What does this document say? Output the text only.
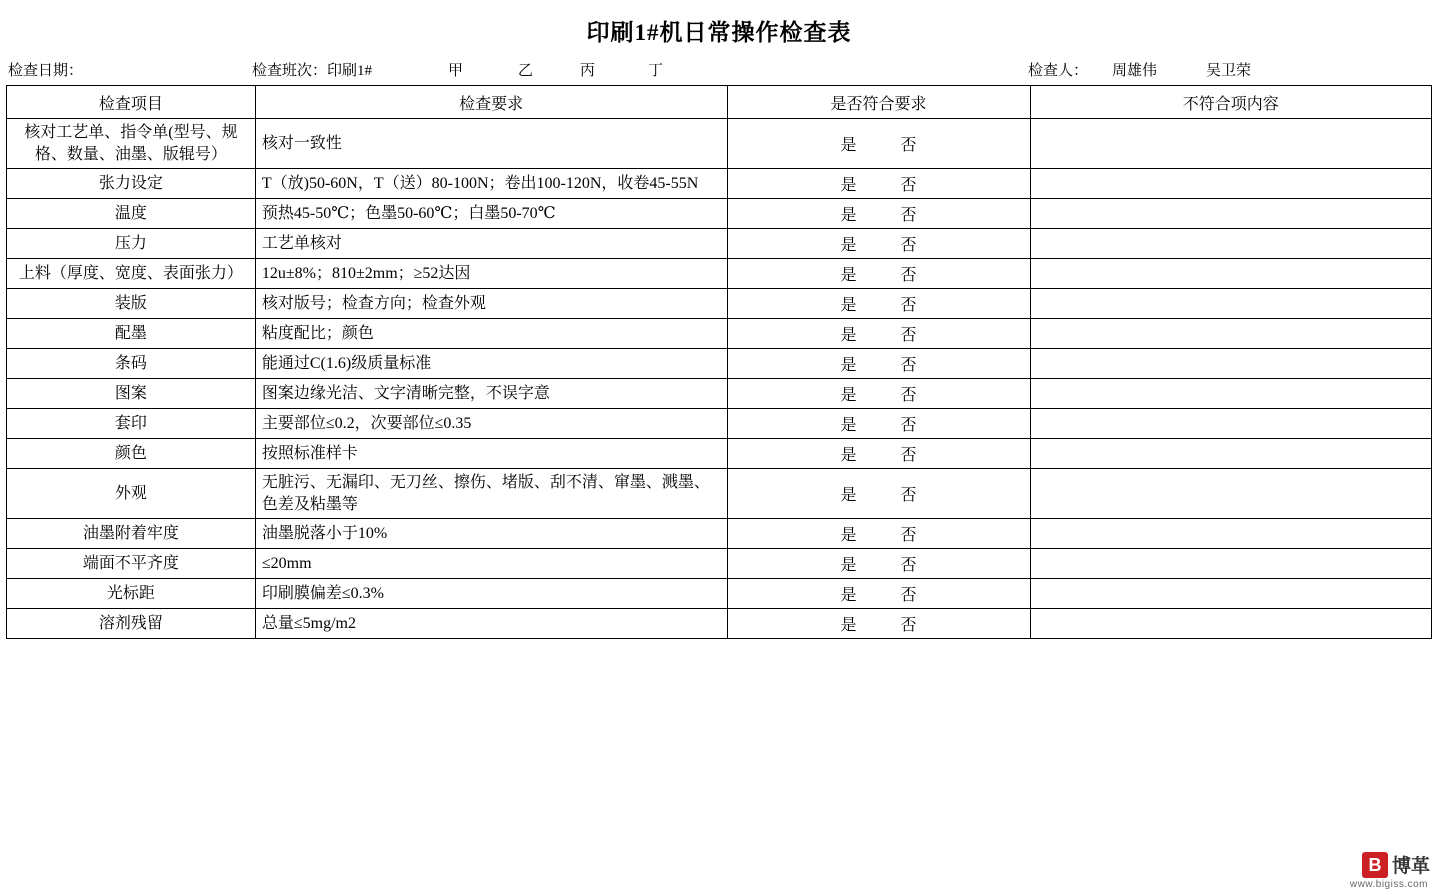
印刷1#机日常操作检查表
检查日期：	检查班次：印刷1#	甲	乙	丙	丁	检查人： 周雄伟	吴卫荣
检查项目	检查要求	是否符合要求	不符合项内容
核对工艺单、指令单(型号、规格、数量、油墨、版辊号）	核对一致性	是 否	
张力设定	T（放)50-60N，T（送）80-100N；卷出100-120N，收卷45-55N	是 否	
温度	预热45-50℃；色墨50-60℃；白墨50-70℃	是 否	
压力	工艺单核对	是 否	
上料（厚度、宽度、表面张力）	12u±8%；810±2mm；≥52达因	是 否	
装版	核对版号；检查方向；检查外观	是 否	
配墨	粘度配比；颜色	是 否	
条码	能通过C(1.6)级质量标准	是 否	
图案	图案边缘光洁、文字清晰完整，不误字意	是 否	
套印	主要部位≤0.2，次要部位≤0.35	是 否	
颜色	按照标准样卡	是 否	
外观	无脏污、无漏印、无刀丝、擦伤、堵版、刮不清、窜墨、溅墨、色差及粘墨等	是 否	
油墨附着牢度	油墨脱落小于10%	是 否	
端面不平齐度	≤20mm	是 否	
光标距	印刷膜偏差≤0.3%	是 否	
溶剂残留	总量≤5mg/m2	是 否	
B 博革
www.bigiss.com
